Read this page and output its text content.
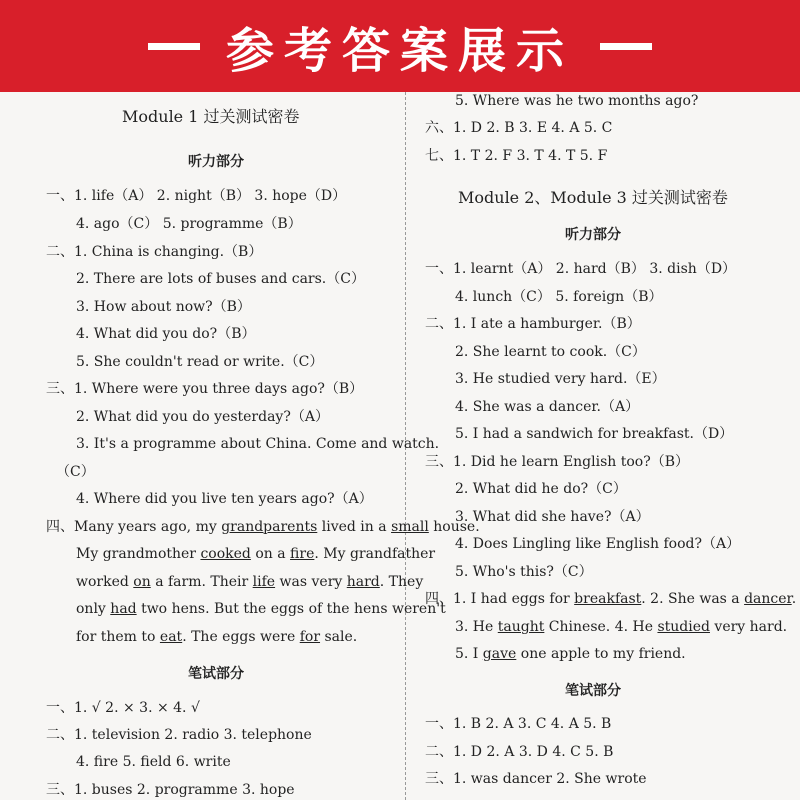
参考答案展示
Module 1 过关测试密卷
听力部分
一、1. life（A） 2. night（B） 3. hope（D）
4. ago（C） 5. programme（B）
二、1. China is changing.（B）
2. There are lots of buses and cars.（C）
3. How about now?（B）
4. What did you do?（B）
5. She couldn't read or write.（C）
三、1. Where were you three days ago?（B）
2. What did you do yesterday?（A）
3. It's a programme about China. Come and watch.
（C）
4. Where did you live ten years ago?（A）
四、Many years ago, my grandparents lived in a small house.
My grandmother cooked on a fire. My grandfather
worked on a farm. Their life was very hard. They
only had two hens. But the eggs of the hens weren't
for them to eat. The eggs were for sale.
笔试部分
一、1. √ 2. × 3. × 4. √
二、1. television 2. radio 3. telephone
4. fire 5. field 6. write
三、1. buses 2. programme 3. hope
5. Where was he two months ago?
六、1. D 2. B 3. E 4. A 5. C
七、1. T 2. F 3. T 4. T 5. F
Module 2、Module 3 过关测试密卷
听力部分
一、1. learnt（A） 2. hard（B） 3. dish（D）
4. lunch（C） 5. foreign（B）
二、1. I ate a hamburger.（B）
2. She learnt to cook.（C）
3. He studied very hard.（E）
4. She was a dancer.（A）
5. I had a sandwich for breakfast.（D）
三、1. Did he learn English too?（B）
2. What did he do?（C）
3. What did she have?（A）
4. Does Lingling like English food?（A）
5. Who's this?（C）
四、1. I had eggs for breakfast. 2. She was a dancer.
3. He taught Chinese. 4. He studied very hard.
5. I gave one apple to my friend.
笔试部分
一、1. B 2. A 3. C 4. A 5. B
二、1. D 2. A 3. D 4. C 5. B
三、1. was dancer 2. She wrote
